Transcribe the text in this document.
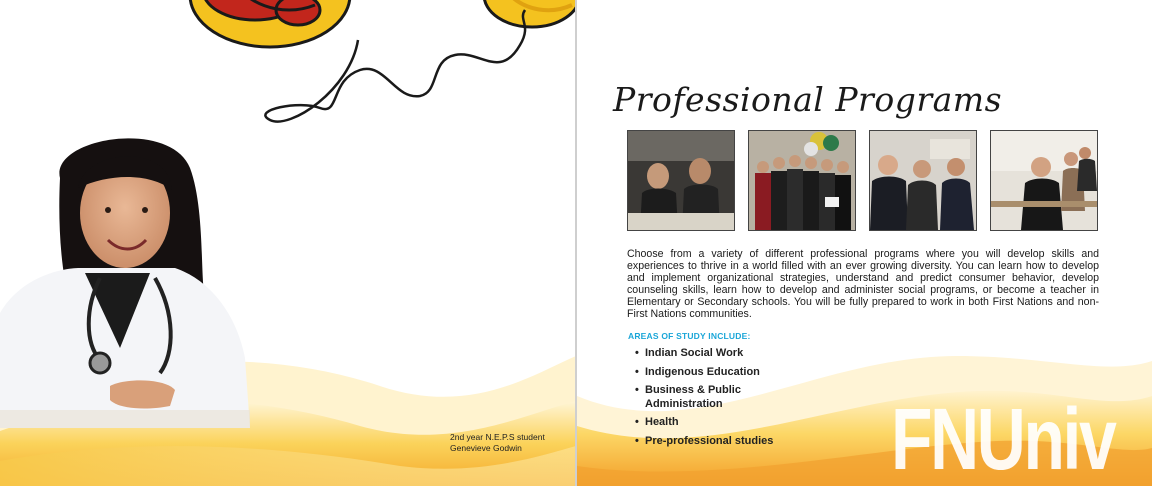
2nd year N.E.P.S student
Genevieve Godwin
Professional Programs
Choose from a variety of different professional programs where you will develop skills and experiences to thrive in a world filled with an ever growing diversity. You can learn how to develop and implement organizational strategies, understand and predict consumer behavior, develop counseling skills, learn how to develop and administer social programs, or become a teacher in Elementary or Secondary schools. You will be fully prepared to work in both First Nations and non-First Nations communities.
AREAS OF STUDY INCLUDE:
• Indian Social Work
• Indigenous Education
• Business & Public Administration
• Health
• Pre-professional studies	FNUniv
